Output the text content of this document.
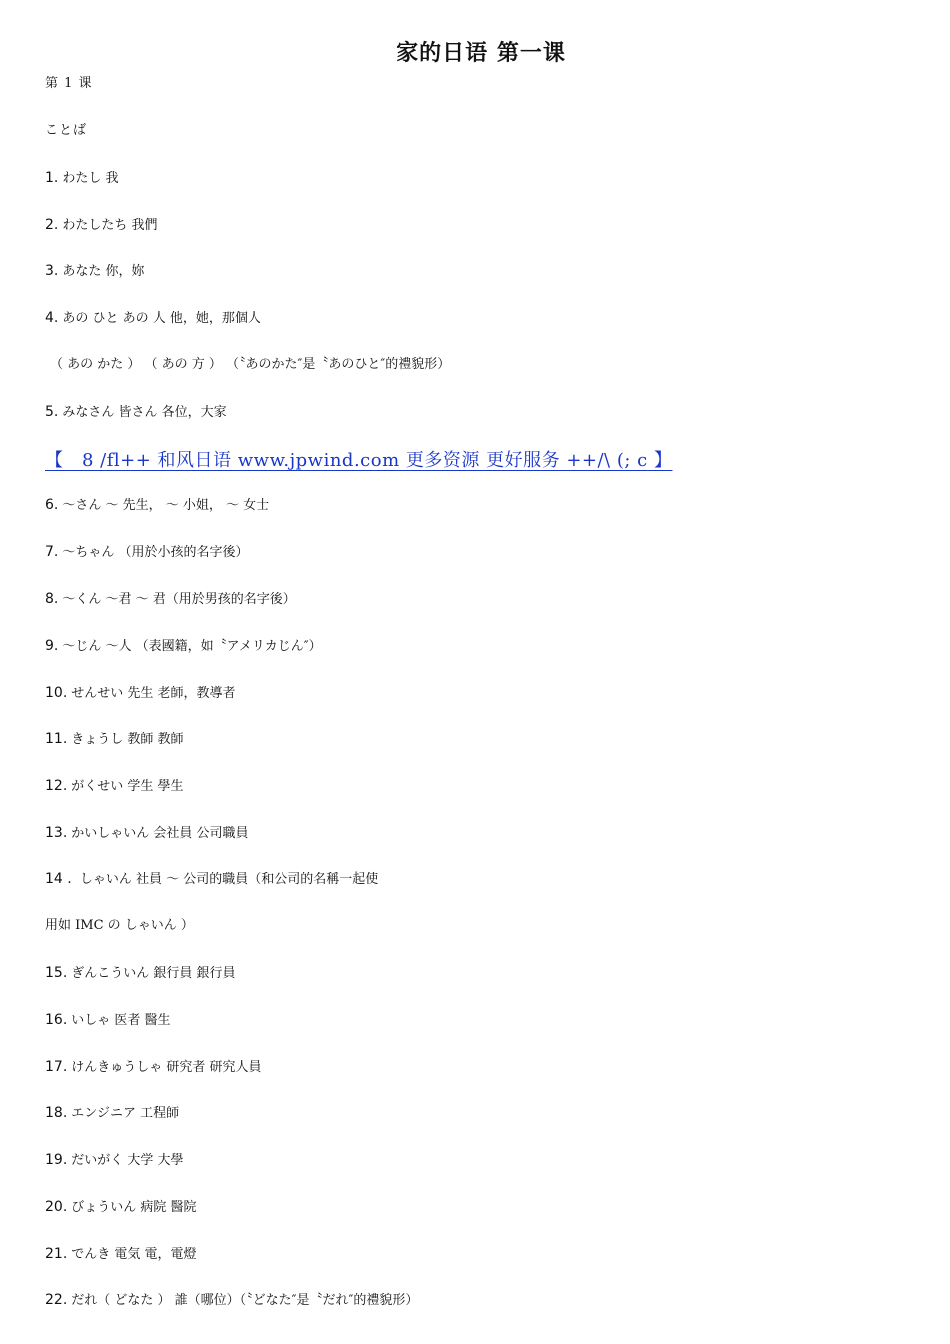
家的日语 第一课
第 1 课
ことば
1. わたし 我
2. わたしたち 我們
3. あなた 你，妳
4. あの ひと あの 人 他，她，那個人
（ あの かた ） （ あの 方 ） （〝あのかた″是〝あのひと″的禮貌形）
5. みなさん 皆さん 各位，大家
【　8 /fl++ 和风日语 www.jpwind.com 更多资源 更好服务 ++/\ (; c 】
6. ～さん ～ 先生， ～ 小姐， ～ 女士
7. ～ちゃん （用於小孩的名字後）
8. ～くん ～君 ～ 君（用於男孩的名字後）
9. ～じん ～人 （表國籍，如〝アメリカじん″）
10. せんせい 先生 老師，教導者
11. きょうし 教師 教師
12. がくせい 学生 學生
13. かいしゃいん 会社員 公司職員
14 . しゃいん 社員 ～ 公司的職員（和公司的名稱一起使
用如 IMC の しゃいん ）
15. ぎんこういん 銀行員 銀行員
16. いしゃ 医者 醫生
17. けんきゅうしゃ 研究者 研究人員
18. エンジニア 工程師
19. だいがく 大学 大學
20. びょういん 病院 醫院
21. でんき 電気 電，電燈
22. だれ（ どなた ） 誰（哪位）（〝どなた″是〝だれ″的禮貌形）
